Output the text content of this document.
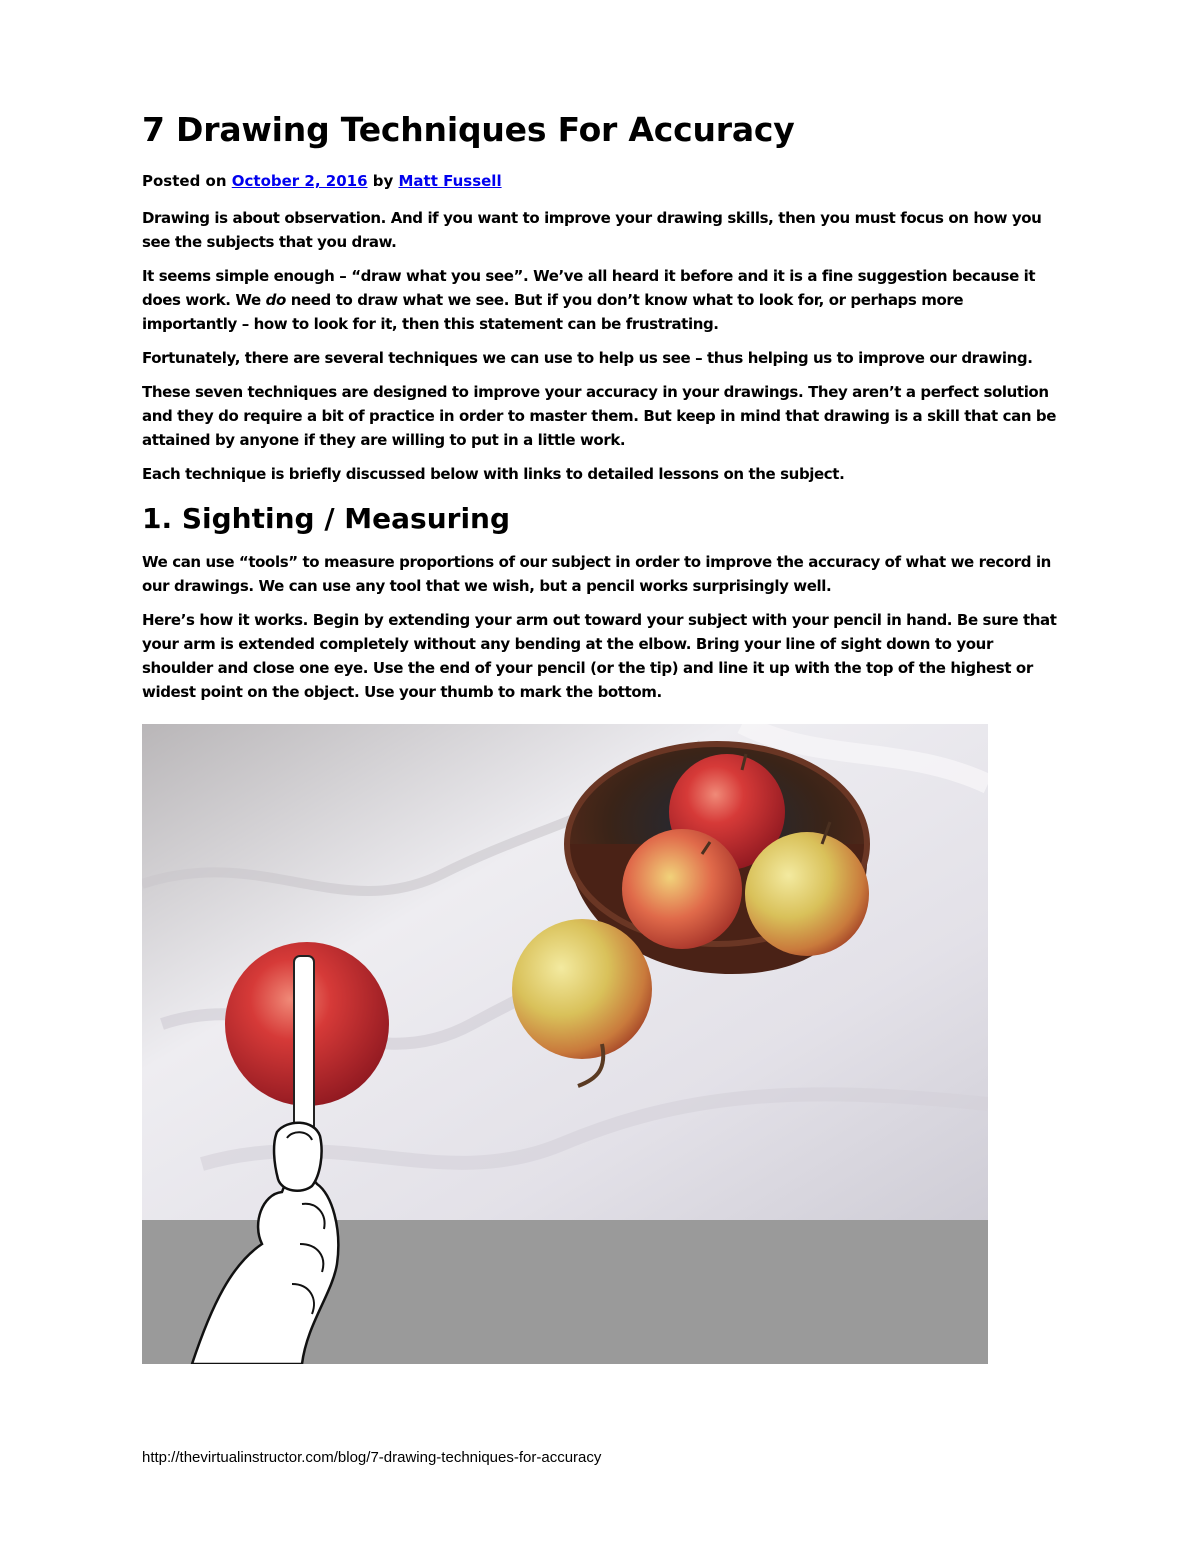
7 Drawing Techniques For Accuracy
Posted on October 2, 2016 by Matt Fussell

Drawing is about observation. And if you want to improve your drawing skills, then you must focus on how you see the subjects that you draw.

It seems simple enough – “draw what you see”. We’ve all heard it before and it is a fine suggestion because it does work. We do need to draw what we see. But if you don’t know what to look for, or perhaps more importantly – how to look for it, then this statement can be frustrating.

Fortunately, there are several techniques we can use to help us see – thus helping us to improve our drawing.

These seven techniques are designed to improve your accuracy in your drawings. They aren’t a perfect solution and they do require a bit of practice in order to master them. But keep in mind that drawing is a skill that can be attained by anyone if they are willing to put in a little work.

Each technique is briefly discussed below with links to detailed lessons on the subject.

1. Sighting / Measuring

We can use “tools” to measure proportions of our subject in order to improve the accuracy of what we record in our drawings. We can use any tool that we wish, but a pencil works surprisingly well.

Here’s how it works. Begin by extending your arm out toward your subject with your pencil in hand. Be sure that your arm is extended completely without any bending at the elbow. Bring your line of sight down to your shoulder and close one eye. Use the end of your pencil (or the tip) and line it up with the top of the highest or widest point on the object. Use your thumb to mark the bottom.

http://thevirtualinstructor.com/blog/7-drawing-techniques-for-accuracy
